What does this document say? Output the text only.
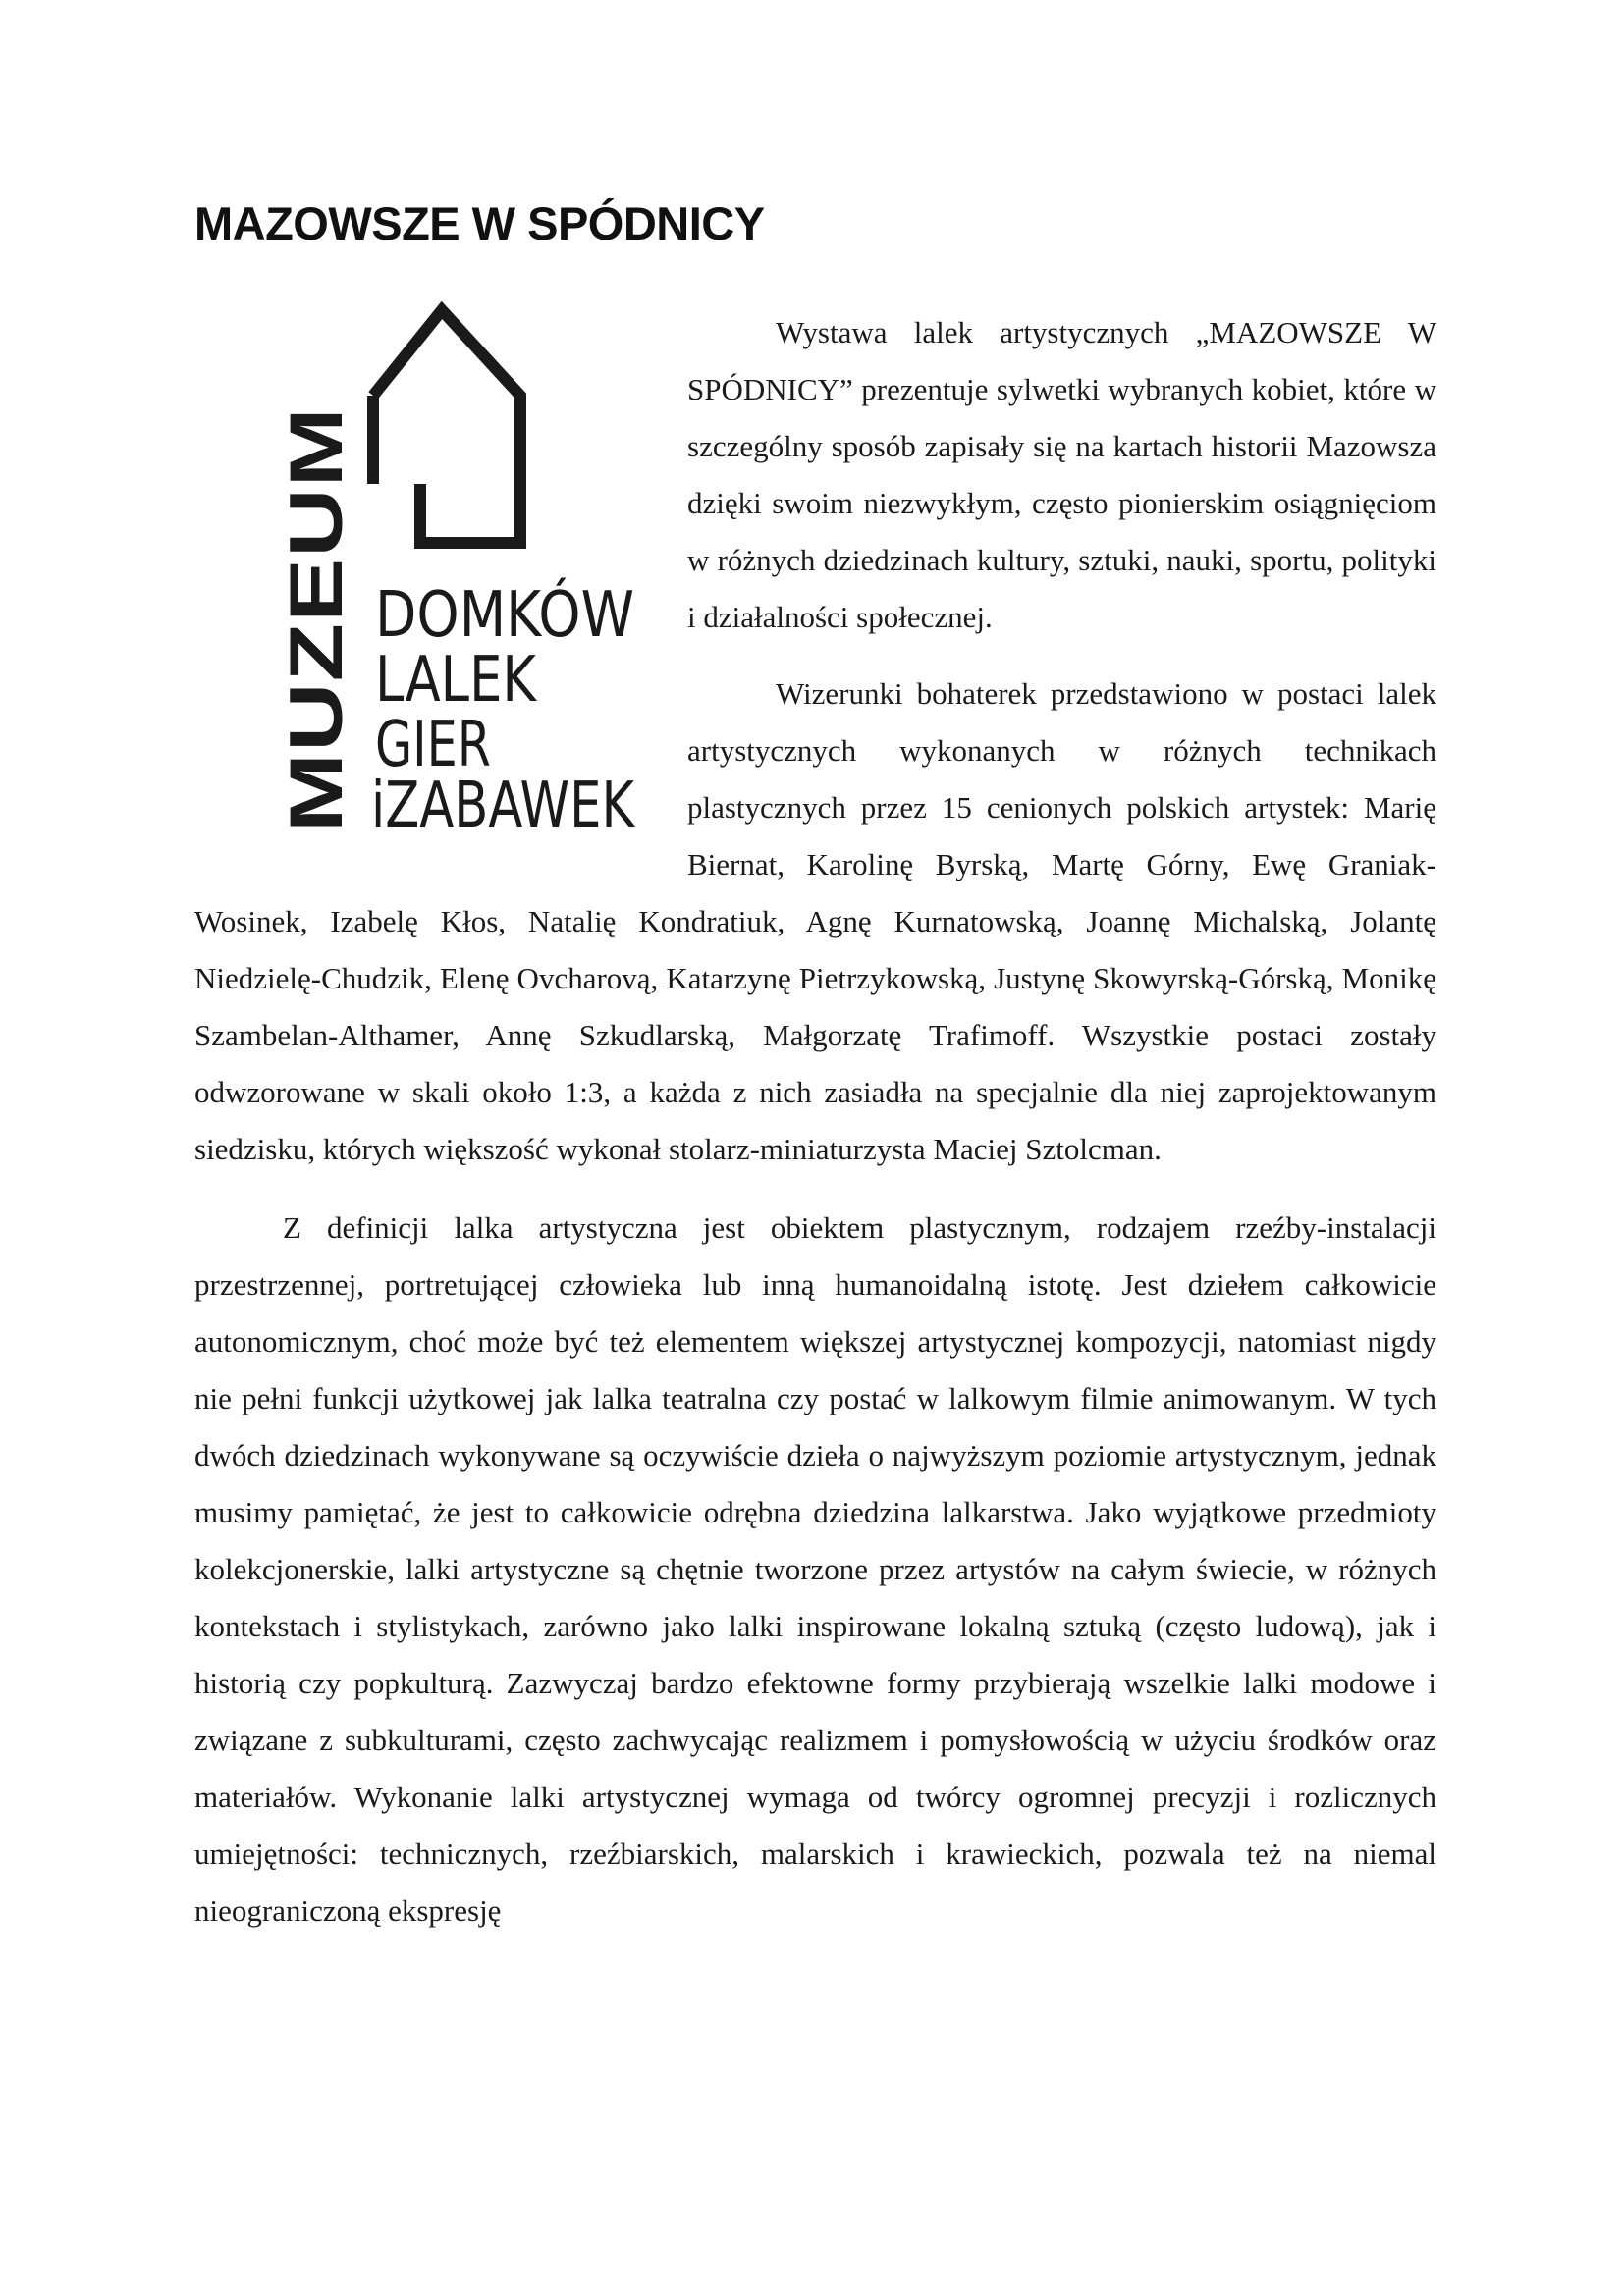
MAZOWSZE W SPÓDNICY
MUZEUM DOMKÓW
LALEK
GIER
iZABAWEK

Wystawa lalek artystycznych „MAZOWSZE W SPÓDNICY” prezentuje sylwetki wybranych kobiet, które w szczególny sposób zapisały się na kartach historii Mazowsza dzięki swoim niezwykłym, często pionierskim osiągnięciom w różnych dziedzinach kultury, sztuki, nauki, sportu, polityki i działalności społecznej.

Wizerunki bohaterek przedstawiono w postaci lalek artystycznych wykonanych w różnych technikach plastycznych przez 15 cenionych polskich artystek: Marię Biernat, Karolinę Byrską, Martę Górny, Ewę Graniak-Wosinek, Izabelę Kłos, Natalię Kondratiuk, Agnę Kurnatowską, Joannę Michalską, Jolantę Niedzielę-Chudzik, Elenę Ovcharovą, Katarzynę Pietrzykowską, Justynę Skowyrską-Górską, Monikę Szambelan-Althamer, Annę Szkudlarską, Małgorzatę Trafimoff. Wszystkie postaci zostały odwzorowane w skali około 1:3, a każda z nich zasiadła na specjalnie dla niej zaprojektowanym siedzisku, których większość wykonał stolarz-miniaturzysta Maciej Sztolcman.

Z definicji lalka artystyczna jest obiektem plastycznym, rodzajem rzeźby-instalacji przestrzennej, portretującej człowieka lub inną humanoidalną istotę. Jest dziełem całkowicie autonomicznym, choć może być też elementem większej artystycznej kompozycji, natomiast nigdy nie pełni funkcji użytkowej jak lalka teatralna czy postać w lalkowym filmie animowanym. W tych dwóch dziedzinach wykonywane są oczywiście dzieła o najwyższym poziomie artystycznym, jednak musimy pamiętać, że jest to całkowicie odrębna dziedzina lalkarstwa. Jako wyjątkowe przedmioty kolekcjonerskie, lalki artystyczne są chętnie tworzone przez artystów na całym świecie, w różnych kontekstach i stylistykach, zarówno jako lalki inspirowane lokalną sztuką (często ludową), jak i historią czy popkulturą. Zazwyczaj bardzo efektowne formy przybierają wszelkie lalki modowe i związane z subkulturami, często zachwycając realizmem i pomysłowością w użyciu środków oraz materiałów. Wykonanie lalki artystycznej wymaga od twórcy ogromnej precyzji i rozlicznych umiejętności: technicznych, rzeźbiarskich, malarskich i krawieckich, pozwala też na niemal nieograniczoną ekspresję
